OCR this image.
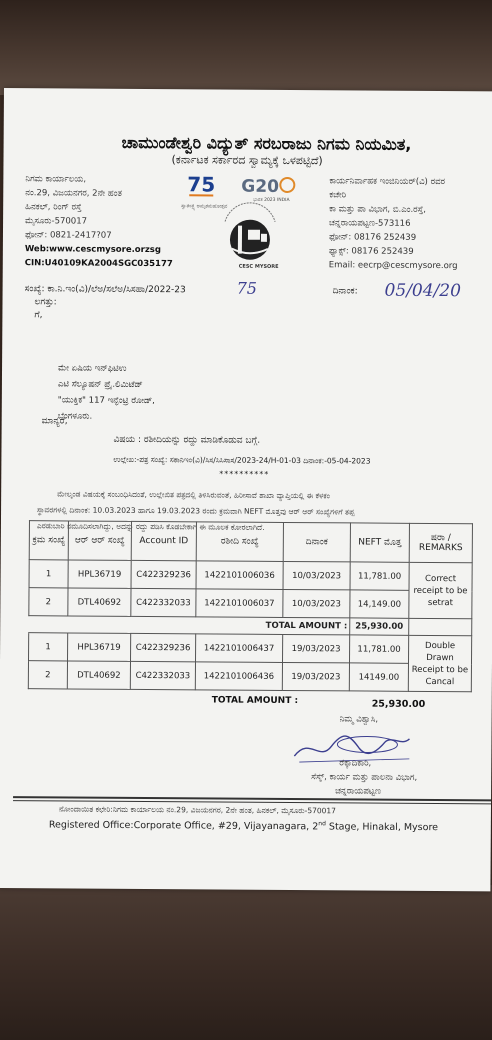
ಚಾಮುಂಡೇಶ್ವರಿ ವಿದ್ಯುತ್ ಸರಬರಾಜು ನಿಗಮ ನಿಯಮಿತ,
(ಕರ್ನಾಟಕ ಸರ್ಕಾರದ ಸ್ವಾಮ್ಯಕ್ಕೆ ಒಳಪಟ್ಟಿದೆ)
ನಿಗಮ ಕಾರ್ಯಾಲಯ,
ನಂ.29, ವಿಜಯನಗರ, 2ನೇ ಹಂತ
ಹಿನಕಲ್, ರಿಂಗ್ ರಸ್ತೆ
ಮೈಸೂರು-570017
ಫೋನ್: 0821-2417?07
Web:www.cescmysore.orzsg
CIN:U40109KA2004SGC035177
75
ಸ್ವಾತಂತ್ರ್ಯ ಅಮೃತಮಹೋತ್ಸವ
G20
ಭಾರತ 2023 INDIA
CESC MYSORE
ಕಾರ್ಯನಿರ್ವಾಹಕ ಇಂಜಿನಿಯರ್(ವಿ) ರವರ
ಕಚೇರಿ
ಕಾ ಮತ್ತು ಪಾ ವಿಭಾಗ, ಬಿ.ಎಂ.ರಸ್ತೆ,
ಚನ್ನರಾಯಪಟ್ಟಣ-573116
ಫೋನ್: 08176 252439
ಫ್ಯಾಕ್ಸ್: 08176 252439
Email: eecrp@cescmysore.org
ಸಂಖ್ಯೆ: ಕಾ.ನಿ.ಇಂ(ವಿ)/ಲೆಅ/ಸಲೆಅ/ಸಿಸಹಾ/2022-23	75	ದಿನಾಂಕ: 05/04/20
ಲಗತ್ತು:
ಗೆ,
ಮೇ ಏಷಿಯ ಇನ್‌ಫಿಟಿಉ
ಎಟಿ ಸೆಲ್ಯೂಷನ್ ಪ್ರೈ.ಲಿಮಿಟೆಡ್
"ಯುಕ್ತಿಕ" 117 ಇನ್ಫೆಂಟ್ರಿ ರೋಡ್,
ಬೆಂಗಳೂರು.
ಮಾನ್ಯರೆ,
ವಿಷಯ : ರಶೀದಿಯನ್ನು ರದ್ದು ಮಾಡಿಕೊಡುವ ಬಗ್ಗೆ.
ಉಲ್ಲೇಖ:-ಪತ್ರ ಸಂಖ್ಯೆ: ಸಕಾನಿಇಂ(ವಿ)/ಸಿಸ/ಸಿಸಿಸಾಸ/2023-24/H-01-03 ದಿನಾಂಕ:-05-04-2023
**********
ಮೇಲ್ಕಂಡ ವಿಷಯಕ್ಕೆ ಸಂಬಂಧಿಸಿದಂತೆ, ಉಲ್ಲೇಖಿತ ಪತ್ರದಲ್ಲಿ ತಿಳಿಸಿರುವಂತೆ, ಹಿರೀಸಾವೆ ಶಾಖಾ ವ್ಯಾಪ್ತಿಯಲ್ಲಿ ಈ ಕೆಳಕಂ
ಸ್ಥಾವರಗಳಲ್ಲಿ ದಿನಾಂಕ: 10.03.2023 ಹಾಗೂ 19.03.2023 ರಂದು ಕ್ರಮವಾಗಿ NEFT ಮೊತ್ತವು ಆರ್ ಆರ್ ಸಂಖ್ಯೆಗಳಿಗೆ ತಪ್ಪ
ಎರಡುಬಾರಿ ನಮೂದಿಸಲಾಗಿದ್ದು, ಅದನ್ನು ರದ್ದು ಪಡಿಸಿ ಕೊಡಬೇಕಾಗಿ ಈ ಮೂಲಕ ಕೋರಲಾಗಿದೆ.
ಕ್ರಮ ಸಂಖ್ಯೆ	ಆರ್ ಆರ್ ಸಂಖ್ಯೆ	Account ID	ರಶೀದಿ ಸಂಖ್ಯೆ	ದಿನಾಂಕ	NEFT ಮೊತ್ತ	ಷರಾ / REMARKS
1	HPL36719	C422329236	1422101006036	10/03/2023	11,781.00	Correct receipt to be setrat
2	DTL40692	C422332033	1422101006037	10/03/2023	14,149.00	
TOTAL AMOUNT :					25,930.00	
1	HPL36719	C422329236	1422101006437	19/03/2023	11,781.00	Double Drawn Receipt to be Cancal
2	DTL40692	C422332033	1422101006436	19/03/2023	14149.00	
TOTAL AMOUNT :	25,930.00
ನಿಮ್ಮ ವಿಶ್ವಾಸಿ,
ರೆಕ್ಕಾದಿಕಾರಿ,
ಸೆಸ್ಕ್, ಕಾರ್ಯ ಮತ್ತು ಪಾಲನಾ ವಿಭಾಗ,
ಚನ್ನರಾಯಪಟ್ಟಣ
ನೋಂದಾಯಿತ ಕಛೇರಿ:ನಿಗಮ ಕಾರ್ಯಾಲಯ ನಂ.29, ವಿಜಯನಗರ, 2ನೇ ಹಂತ, ಹಿನಕಲ್, ಮೈಸೂರು-570017
Registered Office:Corporate Office, #29, Vijayanagara, 2nd Stage, Hinakal, Mysore
